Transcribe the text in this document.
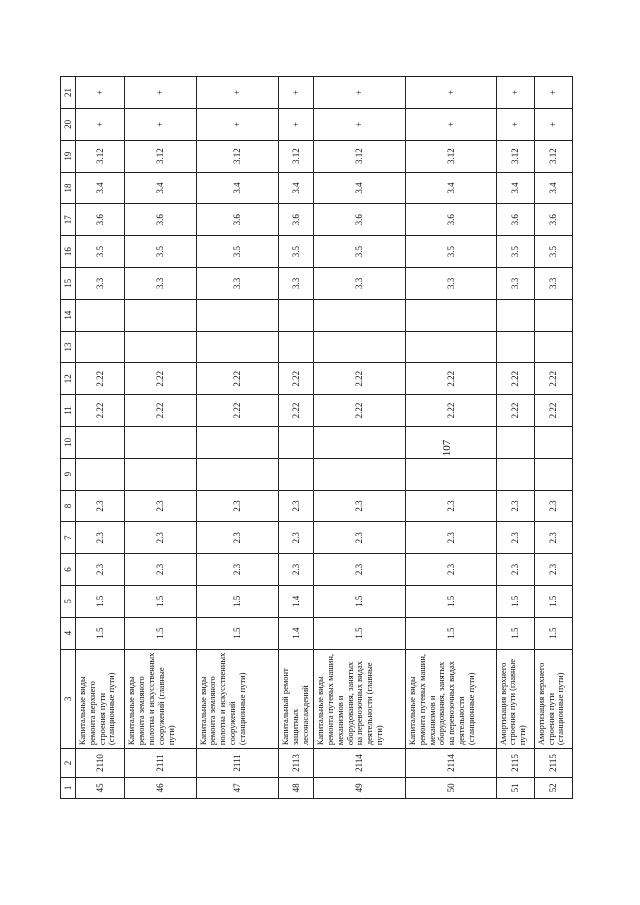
107
1	2	3	4	5	6	7	8	9	10	11	12	13	14	15	16	17	18	19	20	21
45	2110	Капитальные виды ремонта верхнего строения пути (станционные пути)	1.5	1.5	2.3	2.3	2.3			2.22	2.22			3.3	3.5	3.6	3.4	3.12	+	+
46	2111	Капитальные виды ремонта земляного полотна и искусственных сооружений (главные пути)	1.5	1.5	2.3	2.3	2.3			2.22	2.22			3.3	3.5	3.6	3.4	3.12	+	+
47	2111	Капитальные виды ремонта земляного полотна и искусственных сооружений (станционные пути)	1.5	1.5	2.3	2.3	2.3			2.22	2.22			3.3	3.5	3.6	3.4	3.12	+	+
48	2113	Капитальный ремонт защитных лесонасаждений	1.4	1.4	2.3	2.3	2.3			2.22	2.22			3.3	3.5	3.6	3.4	3.12	+	+
49	2114	Капитальные виды ремонта путевых машин, механизмов и оборудования, занятых на перевозочных видах деятельности (главные пути)	1.5	1.5	2.3	2.3	2.3			2.22	2.22			3.3	3.5	3.6	3.4	3.12	+	+
50	2114	Капитальные виды ремонта путевых машин, механизмов и оборудования, занятых на перевозочных видах деятельности (станционные пути)	1.5	1.5	2.3	2.3	2.3			2.22	2.22			3.3	3.5	3.6	3.4	3.12	+	+
51	2115	Амортизация верхнего строения пути (главные пути)	1.5	1.5	2.3	2.3	2.3			2.22	2.22			3.3	3.5	3.6	3.4	3.12	+	+
52	2115	Амортизация верхнего строения пути (станционные пути)	1.5	1.5	2.3	2.3	2.3			2.22	2.22			3.3	3.5	3.6	3.4	3.12	+	+
